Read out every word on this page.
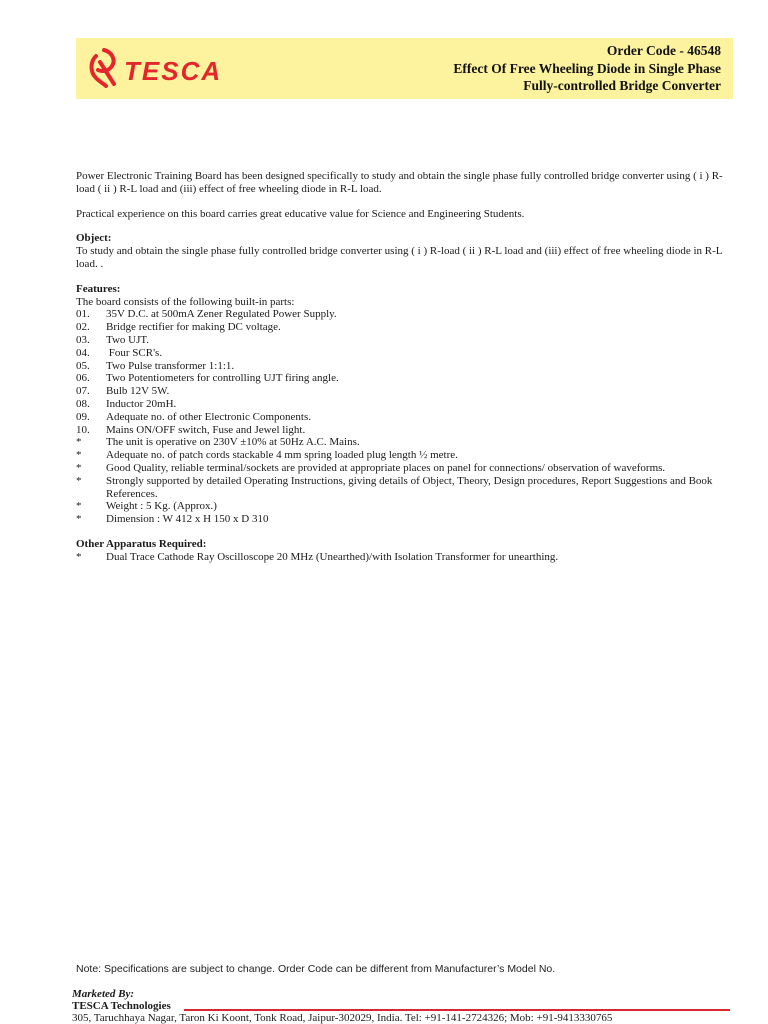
TESCA
Order Code - 46548
Effect Of Free Wheeling Diode in Single Phase
Fully-controlled Bridge Converter

Power Electronic Training Board has been designed specifically to study and obtain the single phase fully controlled bridge converter using ( i ) R-load ( ii ) R-L load and (iii) effect of free wheeling diode in R-L load.

Practical experience on this board carries great educative value for Science and Engineering Students.

Object:
To study and obtain the single phase fully controlled bridge converter using ( i ) R-load ( ii ) R-L load and (iii) effect of free wheeling diode in R-L load. .
Features:
The board consists of the following built-in parts:
01.	35V D.C. at 500mA Zener Regulated Power Supply.
02.	Bridge rectifier for making DC voltage.
03.	Two UJT.
04.	Four SCR's.
05.	Two Pulse transformer 1:1:1.
06.	Two Potentiometers for controlling UJT firing angle.
07.	Bulb 12V 5W.
08.	Inductor 20mH.
09.	Adequate no. of other Electronic Components.
10.	Mains ON/OFF switch, Fuse and Jewel light.
*	The unit is operative on 230V ±10% at 50Hz A.C. Mains.
*	Adequate no. of patch cords stackable 4 mm spring loaded plug length ½ metre.
*	Good Quality, reliable terminal/sockets are provided at appropriate places on panel for connections/ observation of waveforms.
*	Strongly supported by detailed Operating Instructions, giving details of Object, Theory, Design procedures, Report Suggestions and Book References.
*	Weight : 5 Kg. (Approx.)
*	Dimension : W 412 x H 150 x D 310
Other Apparatus Required:
*	Dual Trace Cathode Ray Oscilloscope 20 MHz (Unearthed)/with Isolation Transformer for unearthing.
Note: Specifications are subject to change. Order Code can be different from Manufacturer’s Model No.
Marketed By:
TESCA Technologies
305, Taruchhaya Nagar, Taron Ki Koont, Tonk Road, Jaipur-302029, India. Tel: +91-141-2724326; Mob: +91-9413330765
